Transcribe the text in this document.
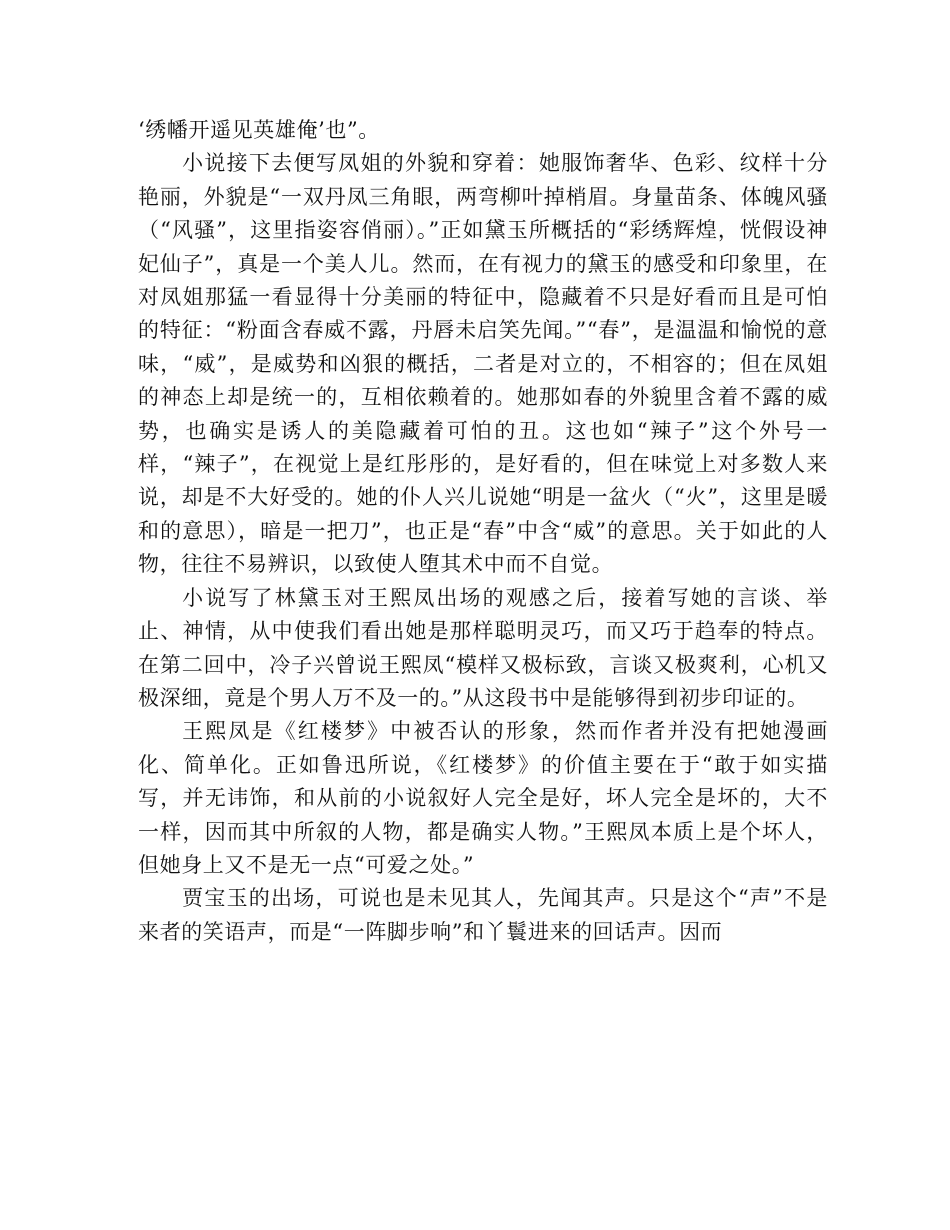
‘绣幡开遥见英雄俺’也”。

小说接下去便写凤姐的外貌和穿着：她服饰奢华、色彩、纹样十分艳丽，外貌是“一双丹凤三角眼，两弯柳叶掉梢眉。身量苗条、体魄风骚（“风骚”，这里指姿容俏丽）。”正如黛玉所概括的“彩绣辉煌，恍假设神妃仙子”，真是一个美人儿。然而，在有视力的黛玉的感受和印象里，在对凤姐那猛一看显得十分美丽的特征中，隐藏着不只是好看而且是可怕的特征：“粉面含春威不露，丹唇未启笑先闻。”“春”，是温温和愉悦的意味，“威”，是威势和凶狠的概括，二者是对立的，不相容的；但在凤姐的神态上却是统一的，互相依赖着的。她那如春的外貌里含着不露的威势，也确实是诱人的美隐藏着可怕的丑。这也如“辣子”这个外号一样，“辣子”，在视觉上是红彤彤的，是好看的，但在味觉上对多数人来说，却是不大好受的。她的仆人兴儿说她“明是一盆火（“火”，这里是暖和的意思），暗是一把刀”，也正是“春”中含“威”的意思。关于如此的人物，往往不易辨识，以致使人堕其术中而不自觉。

小说写了林黛玉对王熙凤出场的观感之后，接着写她的言谈、举止、神情，从中使我们看出她是那样聪明灵巧，而又巧于趋奉的特点。在第二回中，冷子兴曾说王熙凤“模样又极标致，言谈又极爽利，心机又极深细，竟是个男人万不及一的。”从这段书中是能够得到初步印证的。

王熙凤是《红楼梦》中被否认的形象，然而作者并没有把她漫画化、简单化。正如鲁迅所说，《红楼梦》的价值主要在于“敢于如实描写，并无讳饰，和从前的小说叙好人完全是好，坏人完全是坏的，大不一样，因而其中所叙的人物，都是确实人物。”王熙凤本质上是个坏人，但她身上又不是无一点“可爱之处。”

贾宝玉的出场，可说也是未见其人，先闻其声。只是这个“声”不是来者的笑语声，而是“一阵脚步响”和丫鬟进来的回话声。因而
